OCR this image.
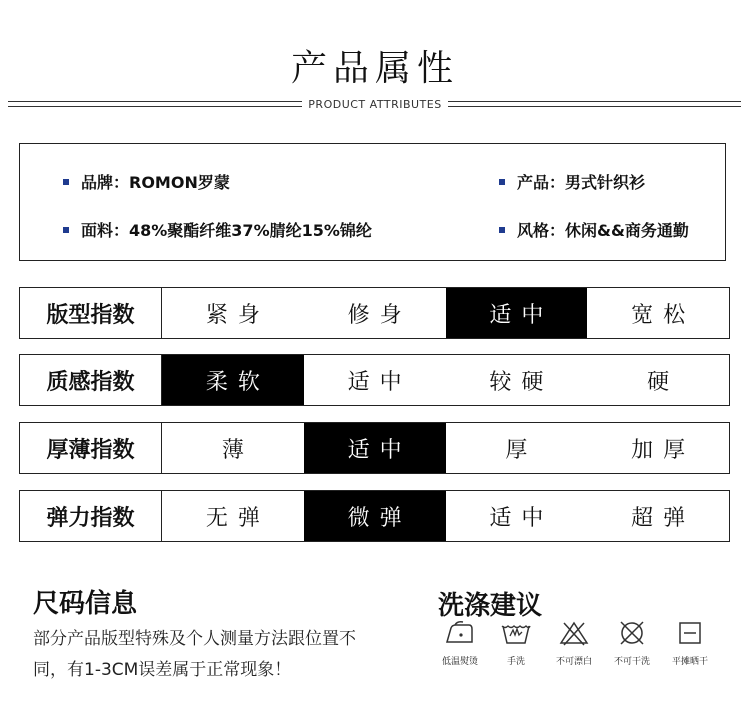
产品属性
PRODUCT ATTRIBUTES
品牌：ROMON罗蒙	产品：男式针织衫
面料：48%聚酯纤维37%腈纶15%锦纶	风格：休闲&&商务通勤
版型指数	紧身	修身	适中	宽松
质感指数	柔软	适中	较硬	硬
厚薄指数	薄	适中	厚	加厚
弹力指数	无弹	微弹	适中	超弹
尺码信息
部分产品版型特殊及个人测量方法跟位置不同，有1-3CM误差属于正常现象！
洗涤建议
低温熨烫	手洗	不可漂白	不可干洗	平摊晒干
